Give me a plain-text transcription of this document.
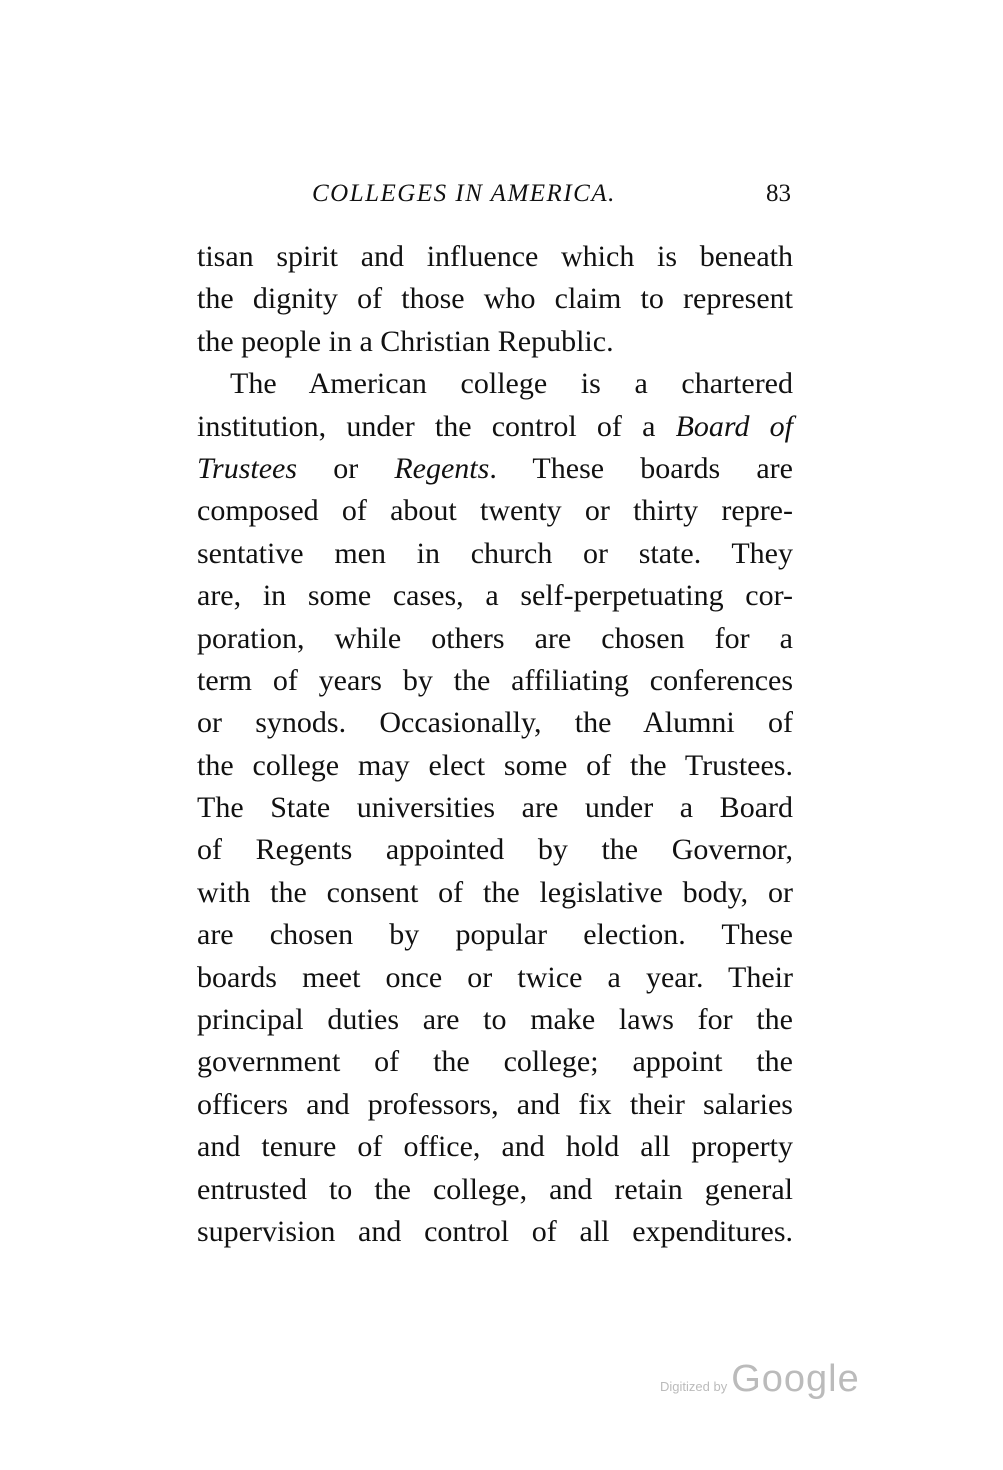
COLLEGES IN AMERICA.	83
tisan spirit and influence which is beneath
the dignity of those who claim to represent
the people in a Christian Republic.
The American college is a chartered
institution, under the control of a Board of
Trustees or Regents. These boards are
composed of about twenty or thirty repre-
sentative men in church or state. They
are, in some cases, a self-perpetuating cor-
poration, while others are chosen for a
term of years by the affiliating conferences
or synods. Occasionally, the Alumni of
the college may elect some of the Trustees.
The State universities are under a Board
of Regents appointed by the Governor,
with the consent of the legislative body, or
are chosen by popular election. These
boards meet once or twice a year. Their
principal duties are to make laws for the
government of the college; appoint the
officers and professors, and fix their salaries
and tenure of office, and hold all property
entrusted to the college, and retain general
supervision and control of all expenditures.
Digitized by Google
